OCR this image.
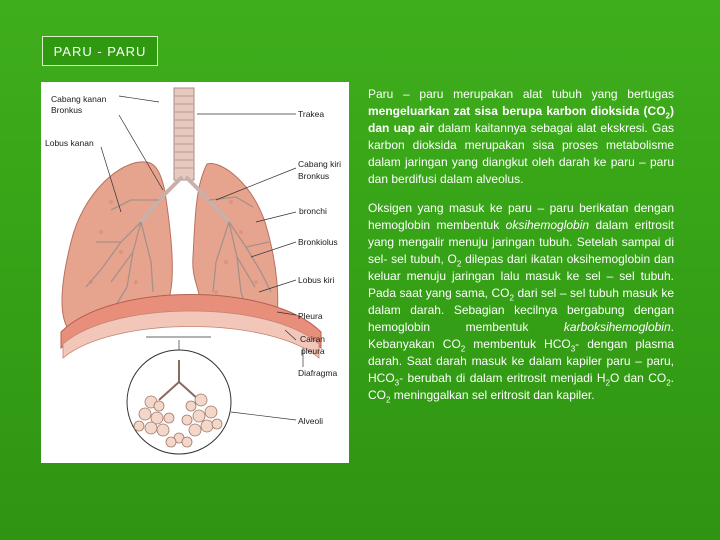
PARU - PARU
Cabang kanan
Bronkus
Lobus kanan
Trakea
Cabang kiri
Bronkus
bronchi
Bronkiolus
Lobus kiri
Pleura
Cairan
pleura
Diafragma
Alveoli

Paru – paru merupakan alat tubuh yang bertugas mengeluarkan zat sisa berupa karbon dioksida $(CO_2)$ dan uap air dalam kaitannya sebagai alat ekskresi. Gas karbon dioksida merupakan sisa proses metabolisme dalam jaringan yang diangkut oleh darah ke paru – paru dan berdifusi dalam alveolus.

Oksigen yang masuk ke paru – paru berikatan dengan hemoglobin membentuk oksihemoglobin dalam eritrosit yang mengalir menuju jaringan tubuh. Setelah sampai di sel- sel tubuh, $O_2$ dilepas dari ikatan oksihemoglobin dan keluar menuju jaringan lalu masuk ke sel – sel tubuh. Pada saat yang sama, $CO_2$ dari sel – sel tubuh masuk ke dalam darah. Sebagian kecilnya bergabung dengan hemoglobin membentuk karboksihemoglobin. Kebanyakan $CO_2$ membentuk $HCO_3-$ dengan plasma darah. Saat darah masuk ke dalam kapiler paru – paru, $HCO_3-$ berubah di dalam eritrosit menjadi $H_2O$ dan $CO_2$. $CO_2$ meninggalkan sel eritrosit dan kapiler.
